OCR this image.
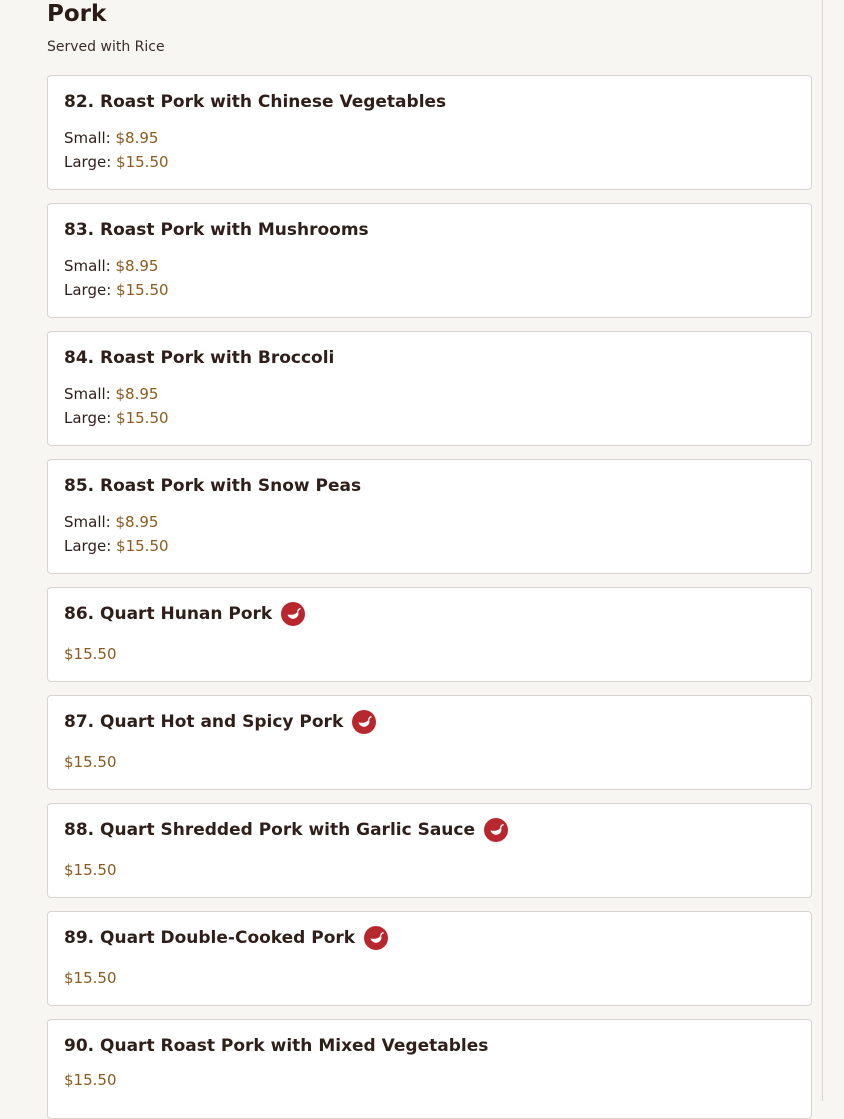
Pork
Served with Rice
82. Roast Pork with Chinese Vegetables
Small: $8.95
Large: $15.50
83. Roast Pork with Mushrooms
Small: $8.95
Large: $15.50
84. Roast Pork with Broccoli
Small: $8.95
Large: $15.50
85. Roast Pork with Snow Peas
Small: $8.95
Large: $15.50
86. Quart Hunan Pork
$15.50
87. Quart Hot and Spicy Pork
$15.50
88. Quart Shredded Pork with Garlic Sauce
$15.50
89. Quart Double-Cooked Pork
$15.50
90. Quart Roast Pork with Mixed Vegetables
$15.50
